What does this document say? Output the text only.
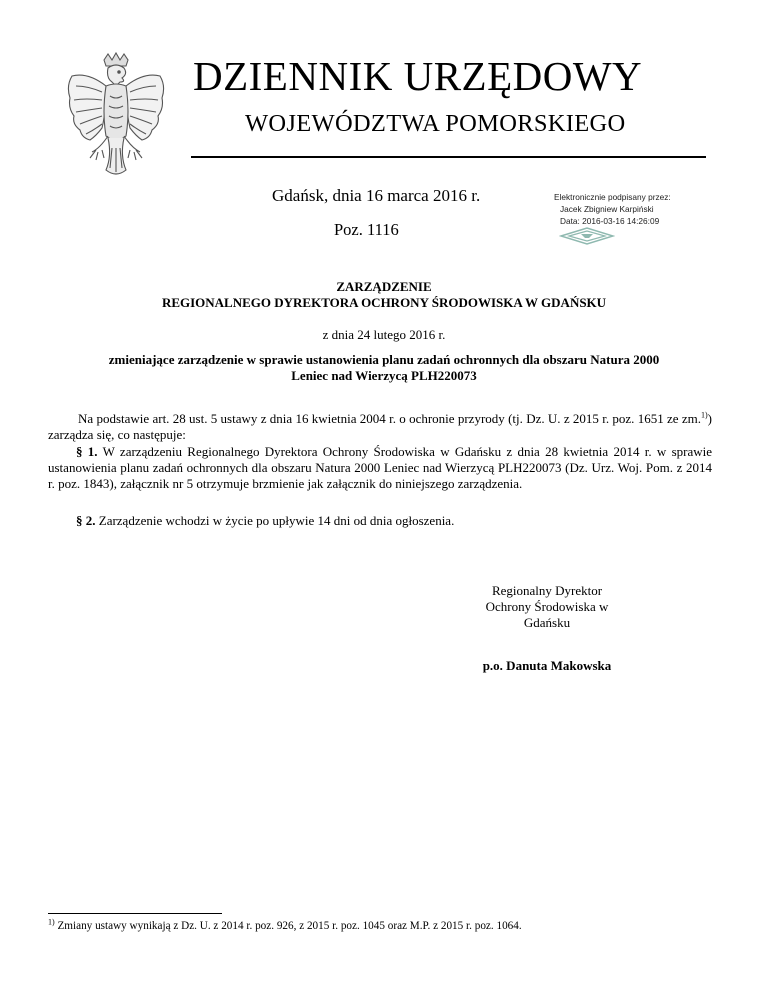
DZIENNIK URZĘDOWY
WOJEWÓDZTWA POMORSKIEGO
Gdańsk, dnia 16 marca 2016 r.
Poz. 1116
Elektronicznie podpisany przez:
Jacek Zbigniew Karpiński
Data: 2016-03-16 14:26:09
ZARZĄDZENIE
REGIONALNEGO DYREKTORA OCHRONY ŚRODOWISKA W GDAŃSKU
z dnia 24 lutego 2016 r.
zmieniające zarządzenie w sprawie ustanowienia planu zadań ochronnych dla obszaru Natura 2000
Leniec nad Wierzycą PLH220073
Na podstawie art. 28 ust. 5 ustawy z dnia 16 kwietnia 2004 r. o ochronie przyrody (tj. Dz. U. z 2015 r. poz. 1651 ze zm.$^{1)}$) zarządza się, co następuje:
§ 1. W zarządzeniu Regionalnego Dyrektora Ochrony Środowiska w Gdańsku z dnia 28 kwietnia 2014 r. w sprawie ustanowienia planu zadań ochronnych dla obszaru Natura 2000 Leniec nad Wierzycą PLH220073 (Dz. Urz. Woj. Pom. z 2014 r. poz. 1843), załącznik nr 5 otrzymuje brzmienie jak załącznik do niniejszego zarządzenia.
§ 2. Zarządzenie wchodzi w życie po upływie 14 dni od dnia ogłoszenia.
Regionalny Dyrektor
Ochrony Środowiska w
Gdańsku
p.o. Danuta Makowska
$^{1)}$ Zmiany ustawy wynikają z Dz. U. z 2014 r. poz. 926, z 2015 r. poz. 1045 oraz M.P. z 2015 r. poz. 1064.
